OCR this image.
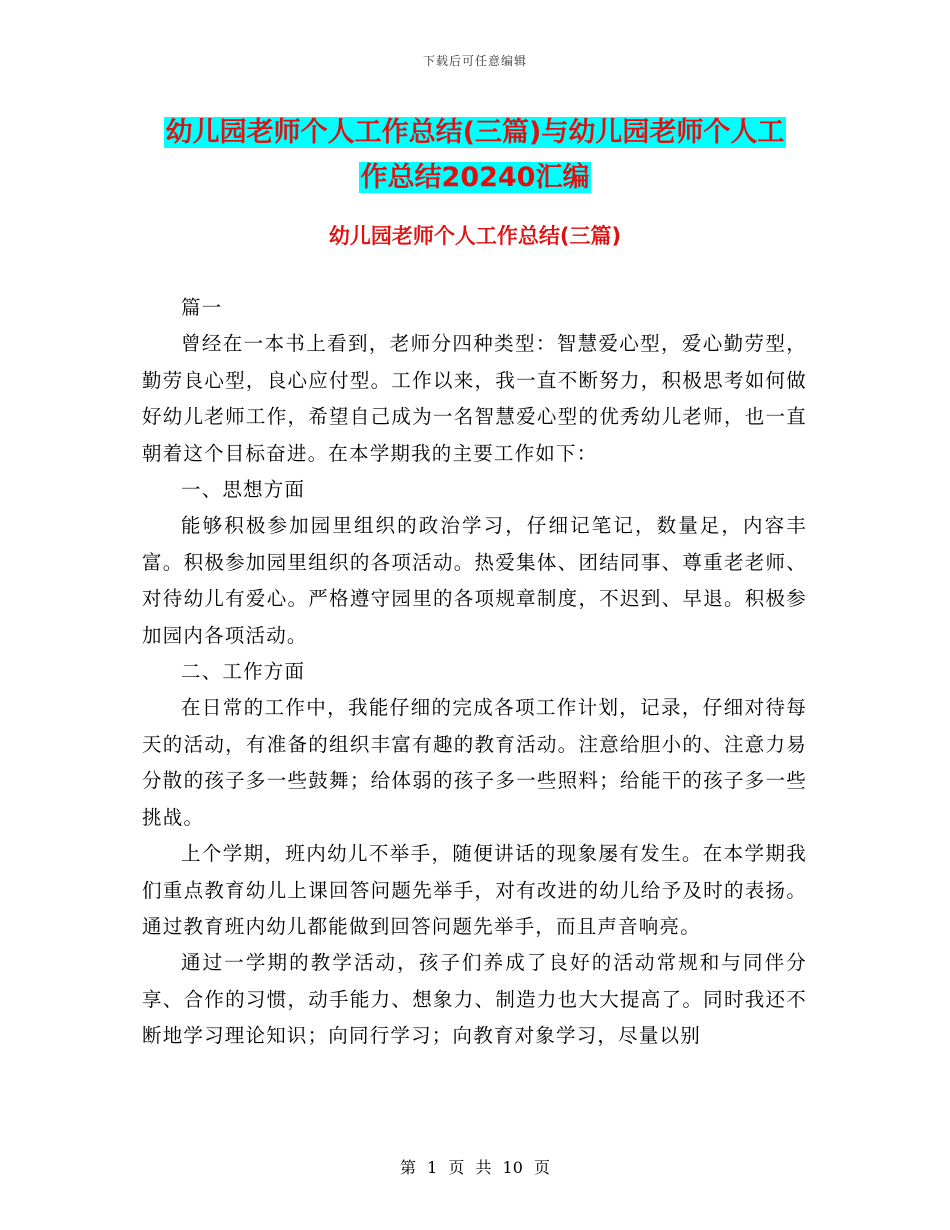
下载后可任意编辑
幼儿园老师个人工作总结(三篇)与幼儿园老师个人工
作总结20240汇编
幼儿园老师个人工作总结(三篇)

篇一

曾经在一本书上看到，老师分四种类型：智慧爱心型，爱心勤劳型，勤劳良心型，良心应付型。工作以来，我一直不断努力，积极思考如何做好幼儿老师工作，希望自己成为一名智慧爱心型的优秀幼儿老师，也一直朝着这个目标奋进。在本学期我的主要工作如下：

一、思想方面

能够积极参加园里组织的政治学习，仔细记笔记，数量足，内容丰富。积极参加园里组织的各项活动。热爱集体、团结同事、尊重老老师、对待幼儿有爱心。严格遵守园里的各项规章制度，不迟到、早退。积极参加园内各项活动。

二、工作方面

在日常的工作中，我能仔细的完成各项工作计划，记录，仔细对待每天的活动，有准备的组织丰富有趣的教育活动。注意给胆小的、注意力易分散的孩子多一些鼓舞；给体弱的孩子多一些照料；给能干的孩子多一些挑战。

上个学期，班内幼儿不举手，随便讲话的现象屡有发生。在本学期我们重点教育幼儿上课回答问题先举手，对有改进的幼儿给予及时的表扬。通过教育班内幼儿都能做到回答问题先举手，而且声音响亮。

通过一学期的教学活动，孩子们养成了良好的活动常规和与同伴分享、合作的习惯，动手能力、想象力、制造力也大大提高了。同时我还不断地学习理论知识；向同行学习；向教育对象学习，尽量以别

第 1 页 共 10 页
